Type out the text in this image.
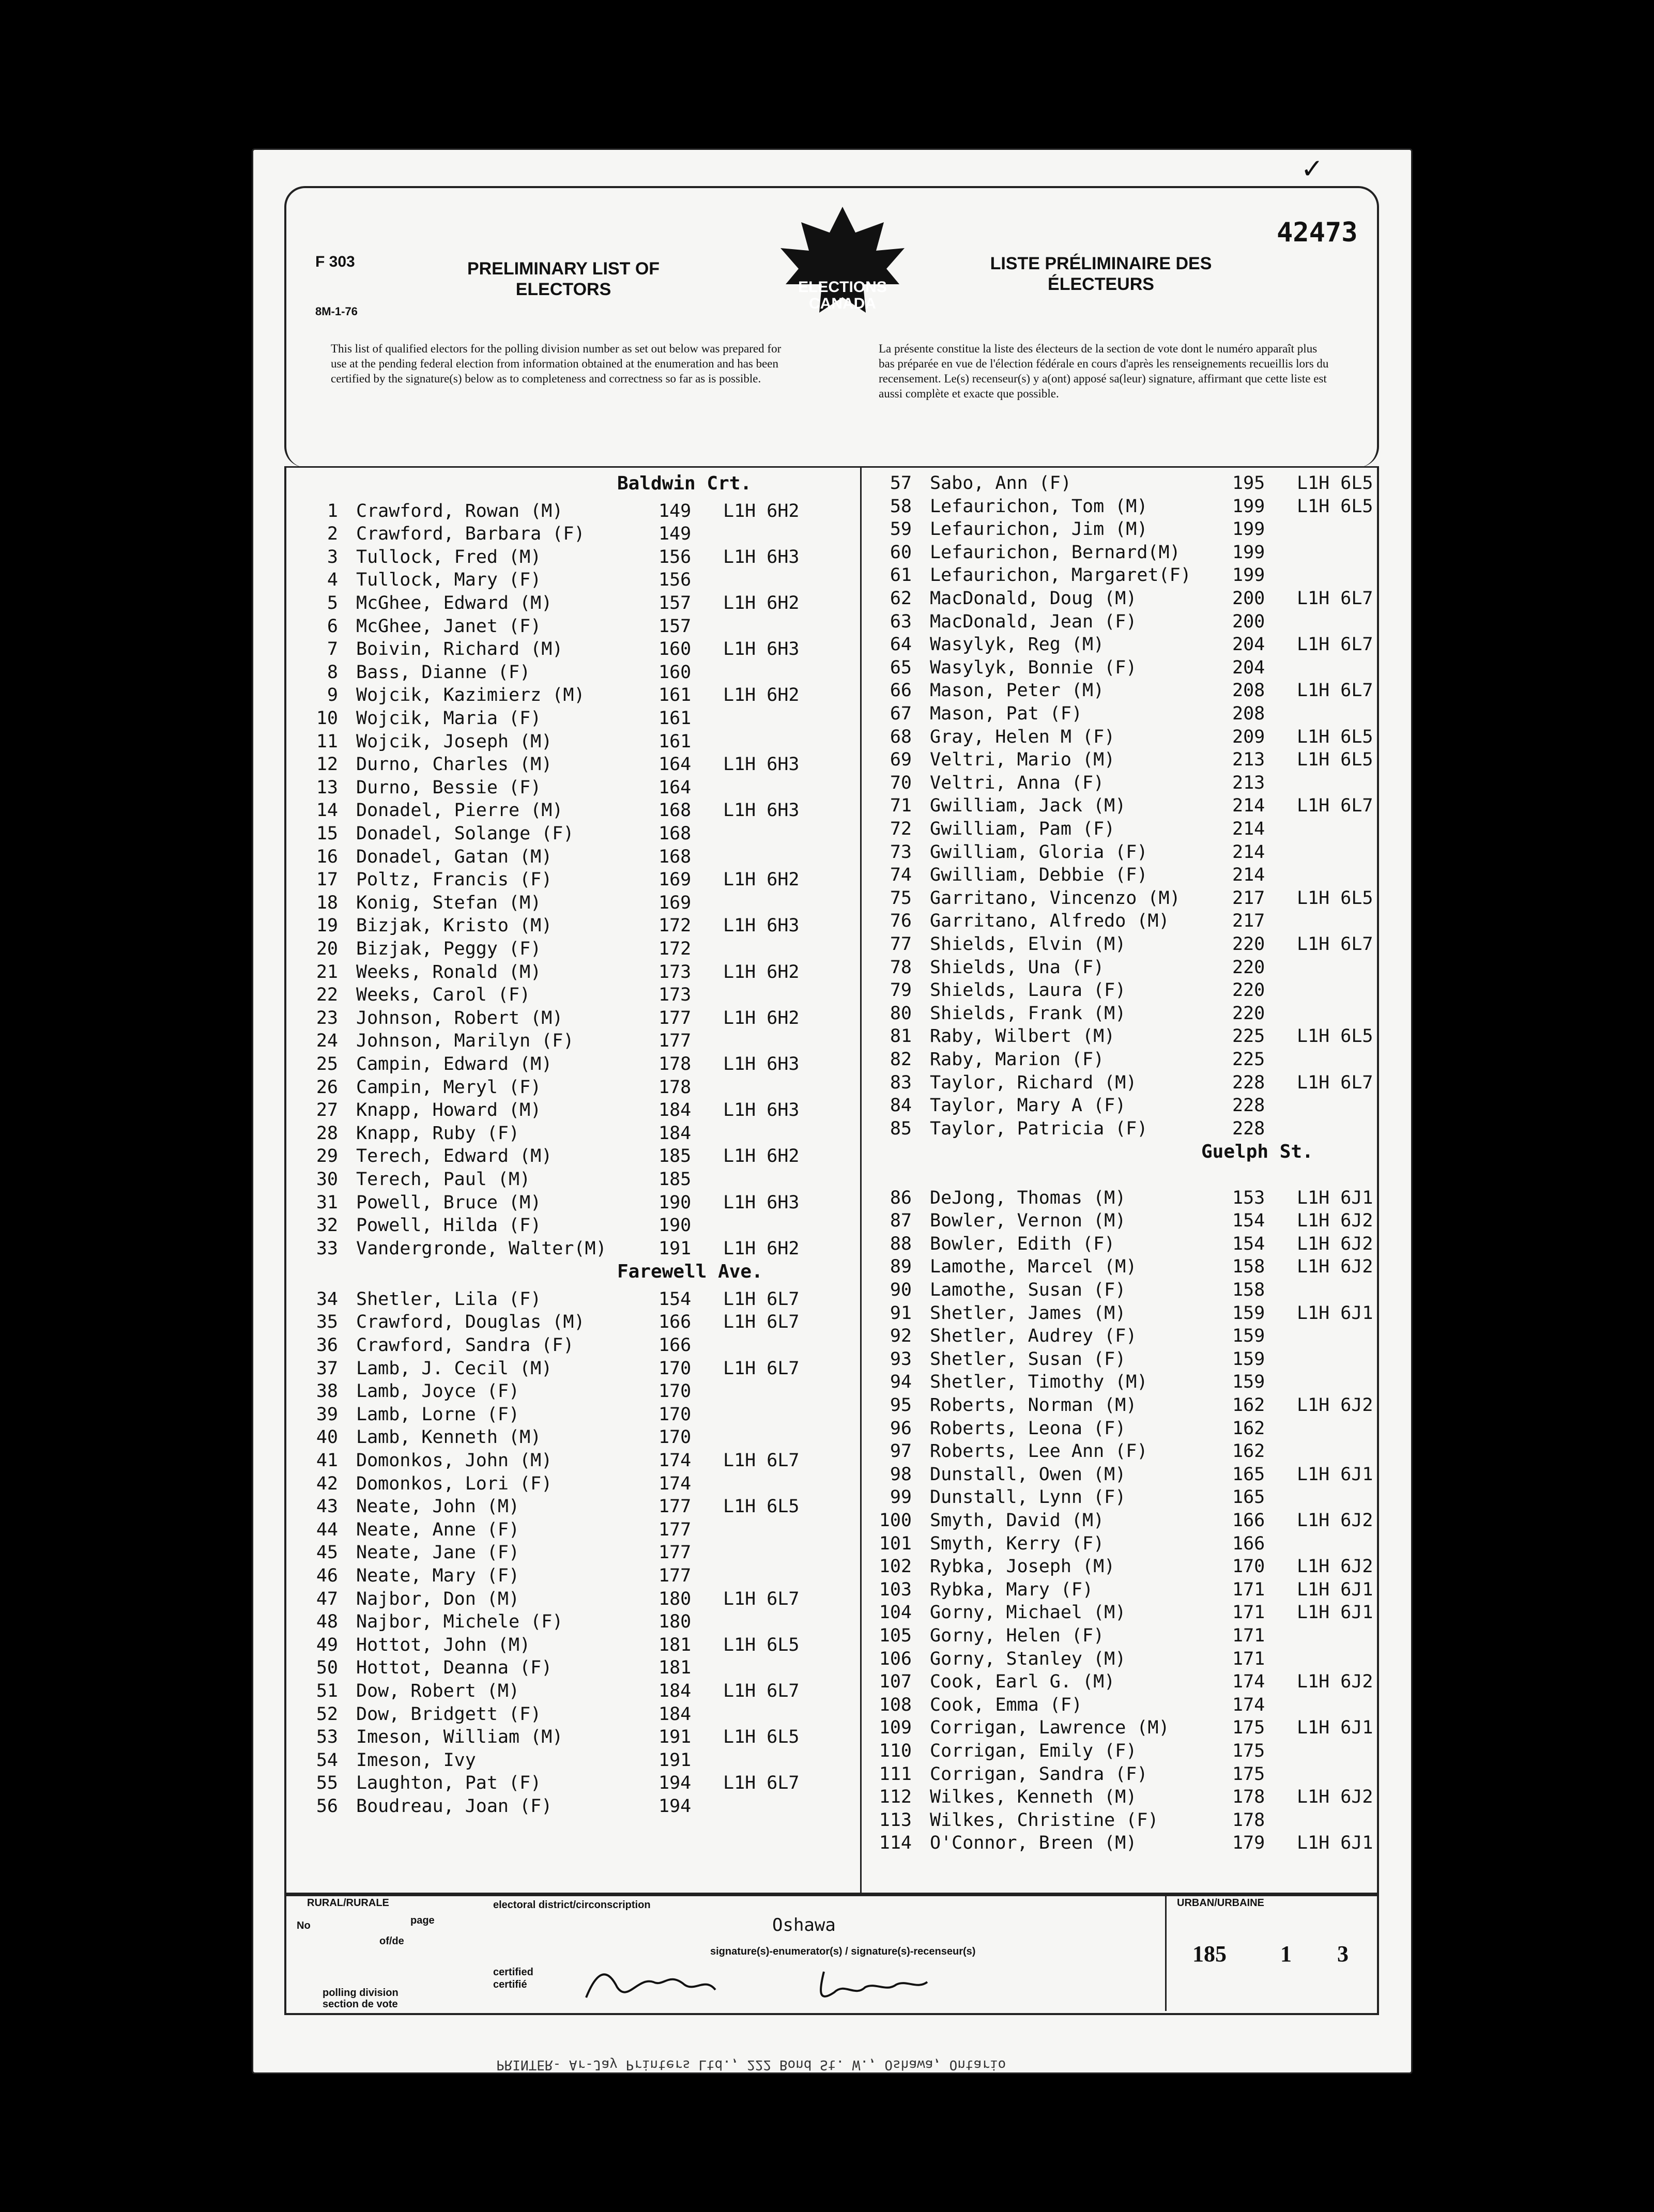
✓
F 303
8M-1-76
PRELIMINARY LIST OF ELECTORS	ELECTIONS CANADA
LISTE PRÉLIMINAIRE DES ÉLECTEURS
42473
This list of qualified electors for the polling division number as set out below was prepared for use at the pending federal election from information obtained at the enumeration and has been certified by the signature(s) below as to completeness and correctness so far as is possible.
La présente constitue la liste des électeurs de la section de vote dont le numéro apparaît plus bas préparée en vue de l'élection fédérale en cours d'après les renseignements recueillis lors du recensement. Le(s) recenseur(s) y a(ont) apposé sa(leur) signature, affirmant que cette liste est aussi complète et exacte que possible.
Baldwin Crt.
1 Crawford, Rowan (M)	149 L1H 6H2
2 Crawford, Barbara (F)	149
3 Tullock, Fred (M)	156 L1H 6H3
4 Tullock, Mary (F)	156
5 McGhee, Edward (M)	157 L1H 6H2
6 McGhee, Janet (F)	157
7 Boivin, Richard (M)	160 L1H 6H3
8 Bass, Dianne (F)	160
9 Wojcik, Kazimierz (M)	161 L1H 6H2
10 Wojcik, Maria (F)	161
11 Wojcik, Joseph (M)	161
12 Durno, Charles (M)	164 L1H 6H3
13 Durno, Bessie (F)	164
14 Donadel, Pierre (M)	168 L1H 6H3
15 Donadel, Solange (F)	168
16 Donadel, Gatan (M)	168
17 Poltz, Francis (F)	169 L1H 6H2
18 Konig, Stefan (M)	169
19 Bizjak, Kristo (M)	172 L1H 6H3
20 Bizjak, Peggy (F)	172
21 Weeks, Ronald (M)	173 L1H 6H2
22 Weeks, Carol (F)	173
23 Johnson, Robert (M)	177 L1H 6H2
24 Johnson, Marilyn (F)	177
25 Campin, Edward (M)	178 L1H 6H3
26 Campin, Meryl (F)	178
27 Knapp, Howard (M)	184 L1H 6H3
28 Knapp, Ruby (F)	184
29 Terech, Edward (M)	185 L1H 6H2
30 Terech, Paul (M)	185
31 Powell, Bruce (M)	190 L1H 6H3
32 Powell, Hilda (F)	190
33 Vandergronde, Walter(M)	191 L1H 6H2
Farewell Ave.
34 Shetler, Lila (F)	154 L1H 6L7
35 Crawford, Douglas (M)	166 L1H 6L7
36 Crawford, Sandra (F)	166
37 Lamb, J. Cecil (M)	170 L1H 6L7
38 Lamb, Joyce (F)	170
39 Lamb, Lorne (F)	170
40 Lamb, Kenneth (M)	170
41 Domonkos, John (M)	174 L1H 6L7
42 Domonkos, Lori (F)	174
43 Neate, John (M)	177 L1H 6L5
44 Neate, Anne (F)	177
45 Neate, Jane (F)	177
46 Neate, Mary (F)	177
47 Najbor, Don (M)	180 L1H 6L7
48 Najbor, Michele (F)	180
49 Hottot, John (M)	181 L1H 6L5
50 Hottot, Deanna (F)	181
51 Dow, Robert (M)	184 L1H 6L7
52 Dow, Bridgett (F)	184
53 Imeson, William (M)	191 L1H 6L5
54 Imeson, Ivy	191
55 Laughton, Pat (F)	194 L1H 6L7
56 Boudreau, Joan (F)	194
57 Sabo, Ann (F)	195 L1H 6L5
58 Lefaurichon, Tom (M)	199 L1H 6L5
59 Lefaurichon, Jim (M)	199
60 Lefaurichon, Bernard(M)	199
61 Lefaurichon, Margaret(F) 199
62 MacDonald, Doug (M)	200 L1H 6L7
63 MacDonald, Jean (F)	200
64 Wasylyk, Reg (M)	204 L1H 6L7
65 Wasylyk, Bonnie (F)	204
66 Mason, Peter (M)	208 L1H 6L7
67 Mason, Pat (F)	208
68 Gray, Helen M (F)	209 L1H 6L5
69 Veltri, Mario (M)	213 L1H 6L5
70 Veltri, Anna (F)	213
71 Gwilliam, Jack (M)	214 L1H 6L7
72 Gwilliam, Pam (F)	214
73 Gwilliam, Gloria (F)	214
74 Gwilliam, Debbie (F)	214
75 Garritano, Vincenzo (M)	217 L1H 6L5
76 Garritano, Alfredo (M)	217
77 Shields, Elvin (M)	220 L1H 6L7
78 Shields, Una (F)	220
79 Shields, Laura (F)	220
80 Shields, Frank (M)	220
81 Raby, Wilbert (M)	225 L1H 6L5
82 Raby, Marion (F)	225
83 Taylor, Richard (M)	228 L1H 6L7
84 Taylor, Mary A (F)	228
85 Taylor, Patricia (F)	228
Guelph St.
86 DeJong, Thomas (M)	153 L1H 6J1
87 Bowler, Vernon (M)	154 L1H 6J2
88 Bowler, Edith (F)	154 L1H 6J2
89 Lamothe, Marcel (M)	158 L1H 6J2
90 Lamothe, Susan (F)	158
91 Shetler, James (M)	159 L1H 6J1
92 Shetler, Audrey (F)	159
93 Shetler, Susan (F)	159
94 Shetler, Timothy (M)	159
95 Roberts, Norman (M)	162 L1H 6J2
96 Roberts, Leona (F)	162
97 Roberts, Lee Ann (F)	162
98 Dunstall, Owen (M)	165 L1H 6J1
99 Dunstall, Lynn (F)	165
100 Smyth, David (M)	166 L1H 6J2
101 Smyth, Kerry (F)	166
102 Rybka, Joseph (M)	170 L1H 6J2
103 Rybka, Mary (F)	171 L1H 6J1
104 Gorny, Michael (M)	171 L1H 6J1
105 Gorny, Helen (F)	171
106 Gorny, Stanley (M)	171
107 Cook, Earl G. (M)	174 L1H 6J2
108 Cook, Emma (F)	174
109 Corrigan, Lawrence (M)	175 L1H 6J1
110 Corrigan, Emily (F)	175
111 Corrigan, Sandra (F)	175
112 Wilkes, Kenneth (M)	178 L1H 6J2
113 Wilkes, Christine (F)	178
114 O'Connor, Breen (M)	179 L1H 6J1
RURAL/RURALE
No	page
of/de
certified
certifié
polling division
section de vote
electoral district/circonscription
Oshawa
signature(s)-enumerator(s) / signature(s)-recenseur(s)
URBAN/URBAINE
185 1 3
PRINTER- Ar-Jay Printers Ltd., 222 Bond St. W., Oshawa, Ontario
